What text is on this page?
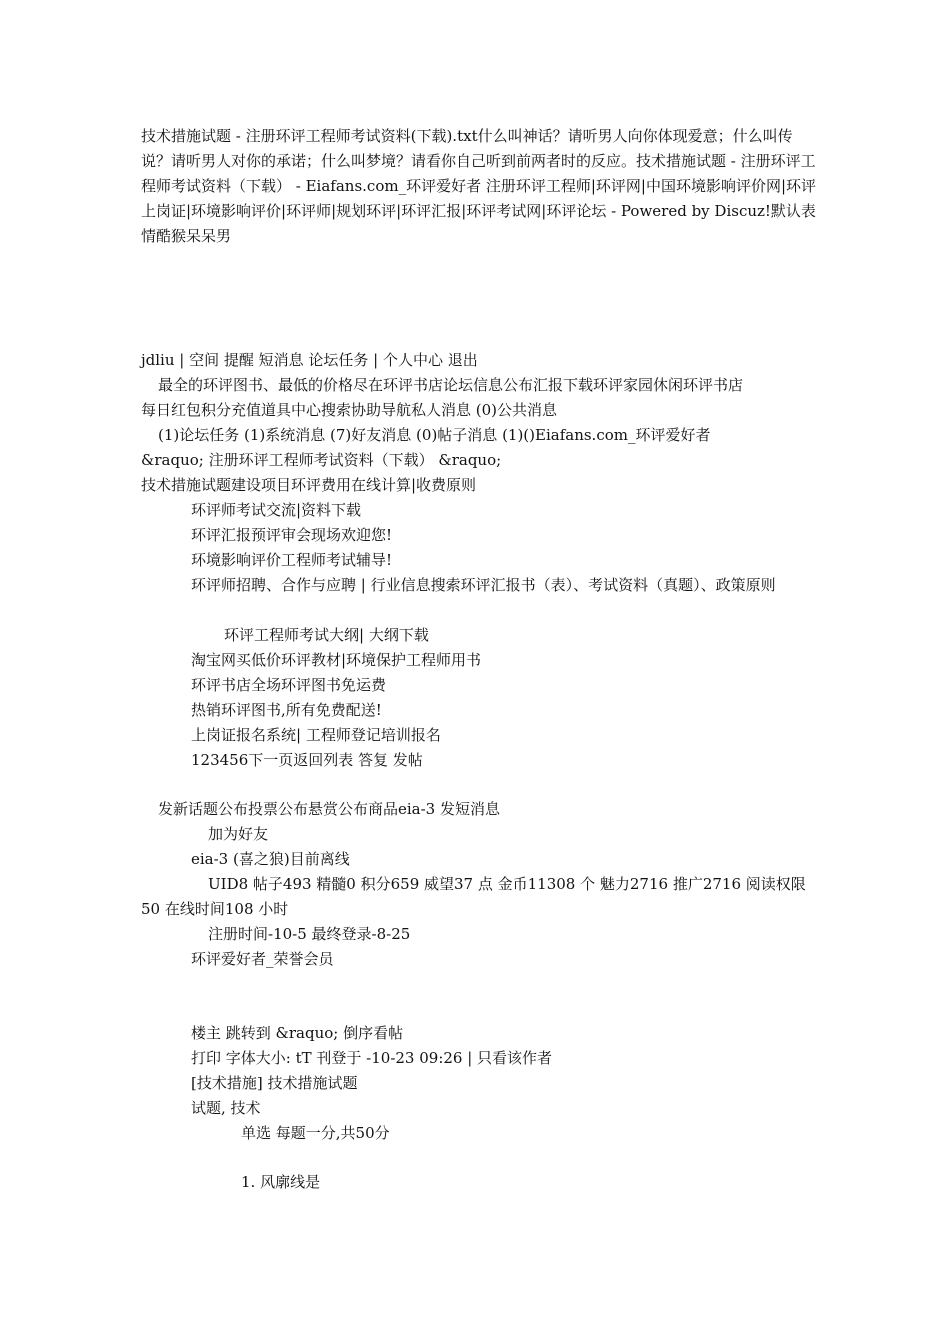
技术措施试题 - 注册环评工程师考试资料(下载).txt什么叫神话？请听男人向你体现爱意；什么叫传说？请听男人对你的承诺；什么叫梦境？请看你自己听到前两者时的反应。技术措施试题 - 注册环评工程师考试资料（下载） - Eiafans.com_环评爱好者 注册环评工程师|环评网|中国环境影响评价网|环评上岗证|环境影响评价|环评师|规划环评|环评汇报|环评考试网|环评论坛 - Powered by Discuz!默认表情酷猴呆呆男

jdliu | 空间 提醒 短消息 论坛任务 | 个人中心 退出
最全的环评图书、最低的价格尽在环评书店论坛信息公布汇报下载环评家园休闲环评书店
每日红包积分充值道具中心搜索协助导航私人消息 (0)公共消息
(1)论坛任务 (1)系统消息 (7)好友消息 (0)帖子消息 (1)()Eiafans.com_环评爱好者
&raquo; 注册环评工程师考试资料（下载） &raquo;
技术措施试题建设项目环评费用在线计算|收费原则
环评师考试交流|资料下载
环评汇报预评审会现场欢迎您!
环境影响评价工程师考试辅导!
环评师招聘、合作与应聘 | 行业信息搜索环评汇报书（表）、考试资料（真题）、政策原则
环评工程师考试大纲| 大纲下载
淘宝网买低价环评教材|环境保护工程师用书
环评书店全场环评图书免运费
热销环评图书,所有免费配送!
上岗证报名系统| 工程师登记培训报名
123456下一页返回列表 答复 发帖
发新话题公布投票公布悬赏公布商品eia-3 发短消息
加为好友
eia-3 (喜之狼)目前离线
UID8 帖子493 精髓0 积分659 威望37 点 金币11308 个 魅力2716 推广2716 阅读权限50 在线时间108 小时
注册时间-10-5 最终登录-8-25
环评爱好者_荣誉会员
楼主 跳转到 &raquo; 倒序看帖
打印 字体大小: tT 刊登于 -10-23 09:26 | 只看该作者
[技术措施] 技术措施试题
试题, 技术
单选 每题一分,共50分
1. 风廓线是
